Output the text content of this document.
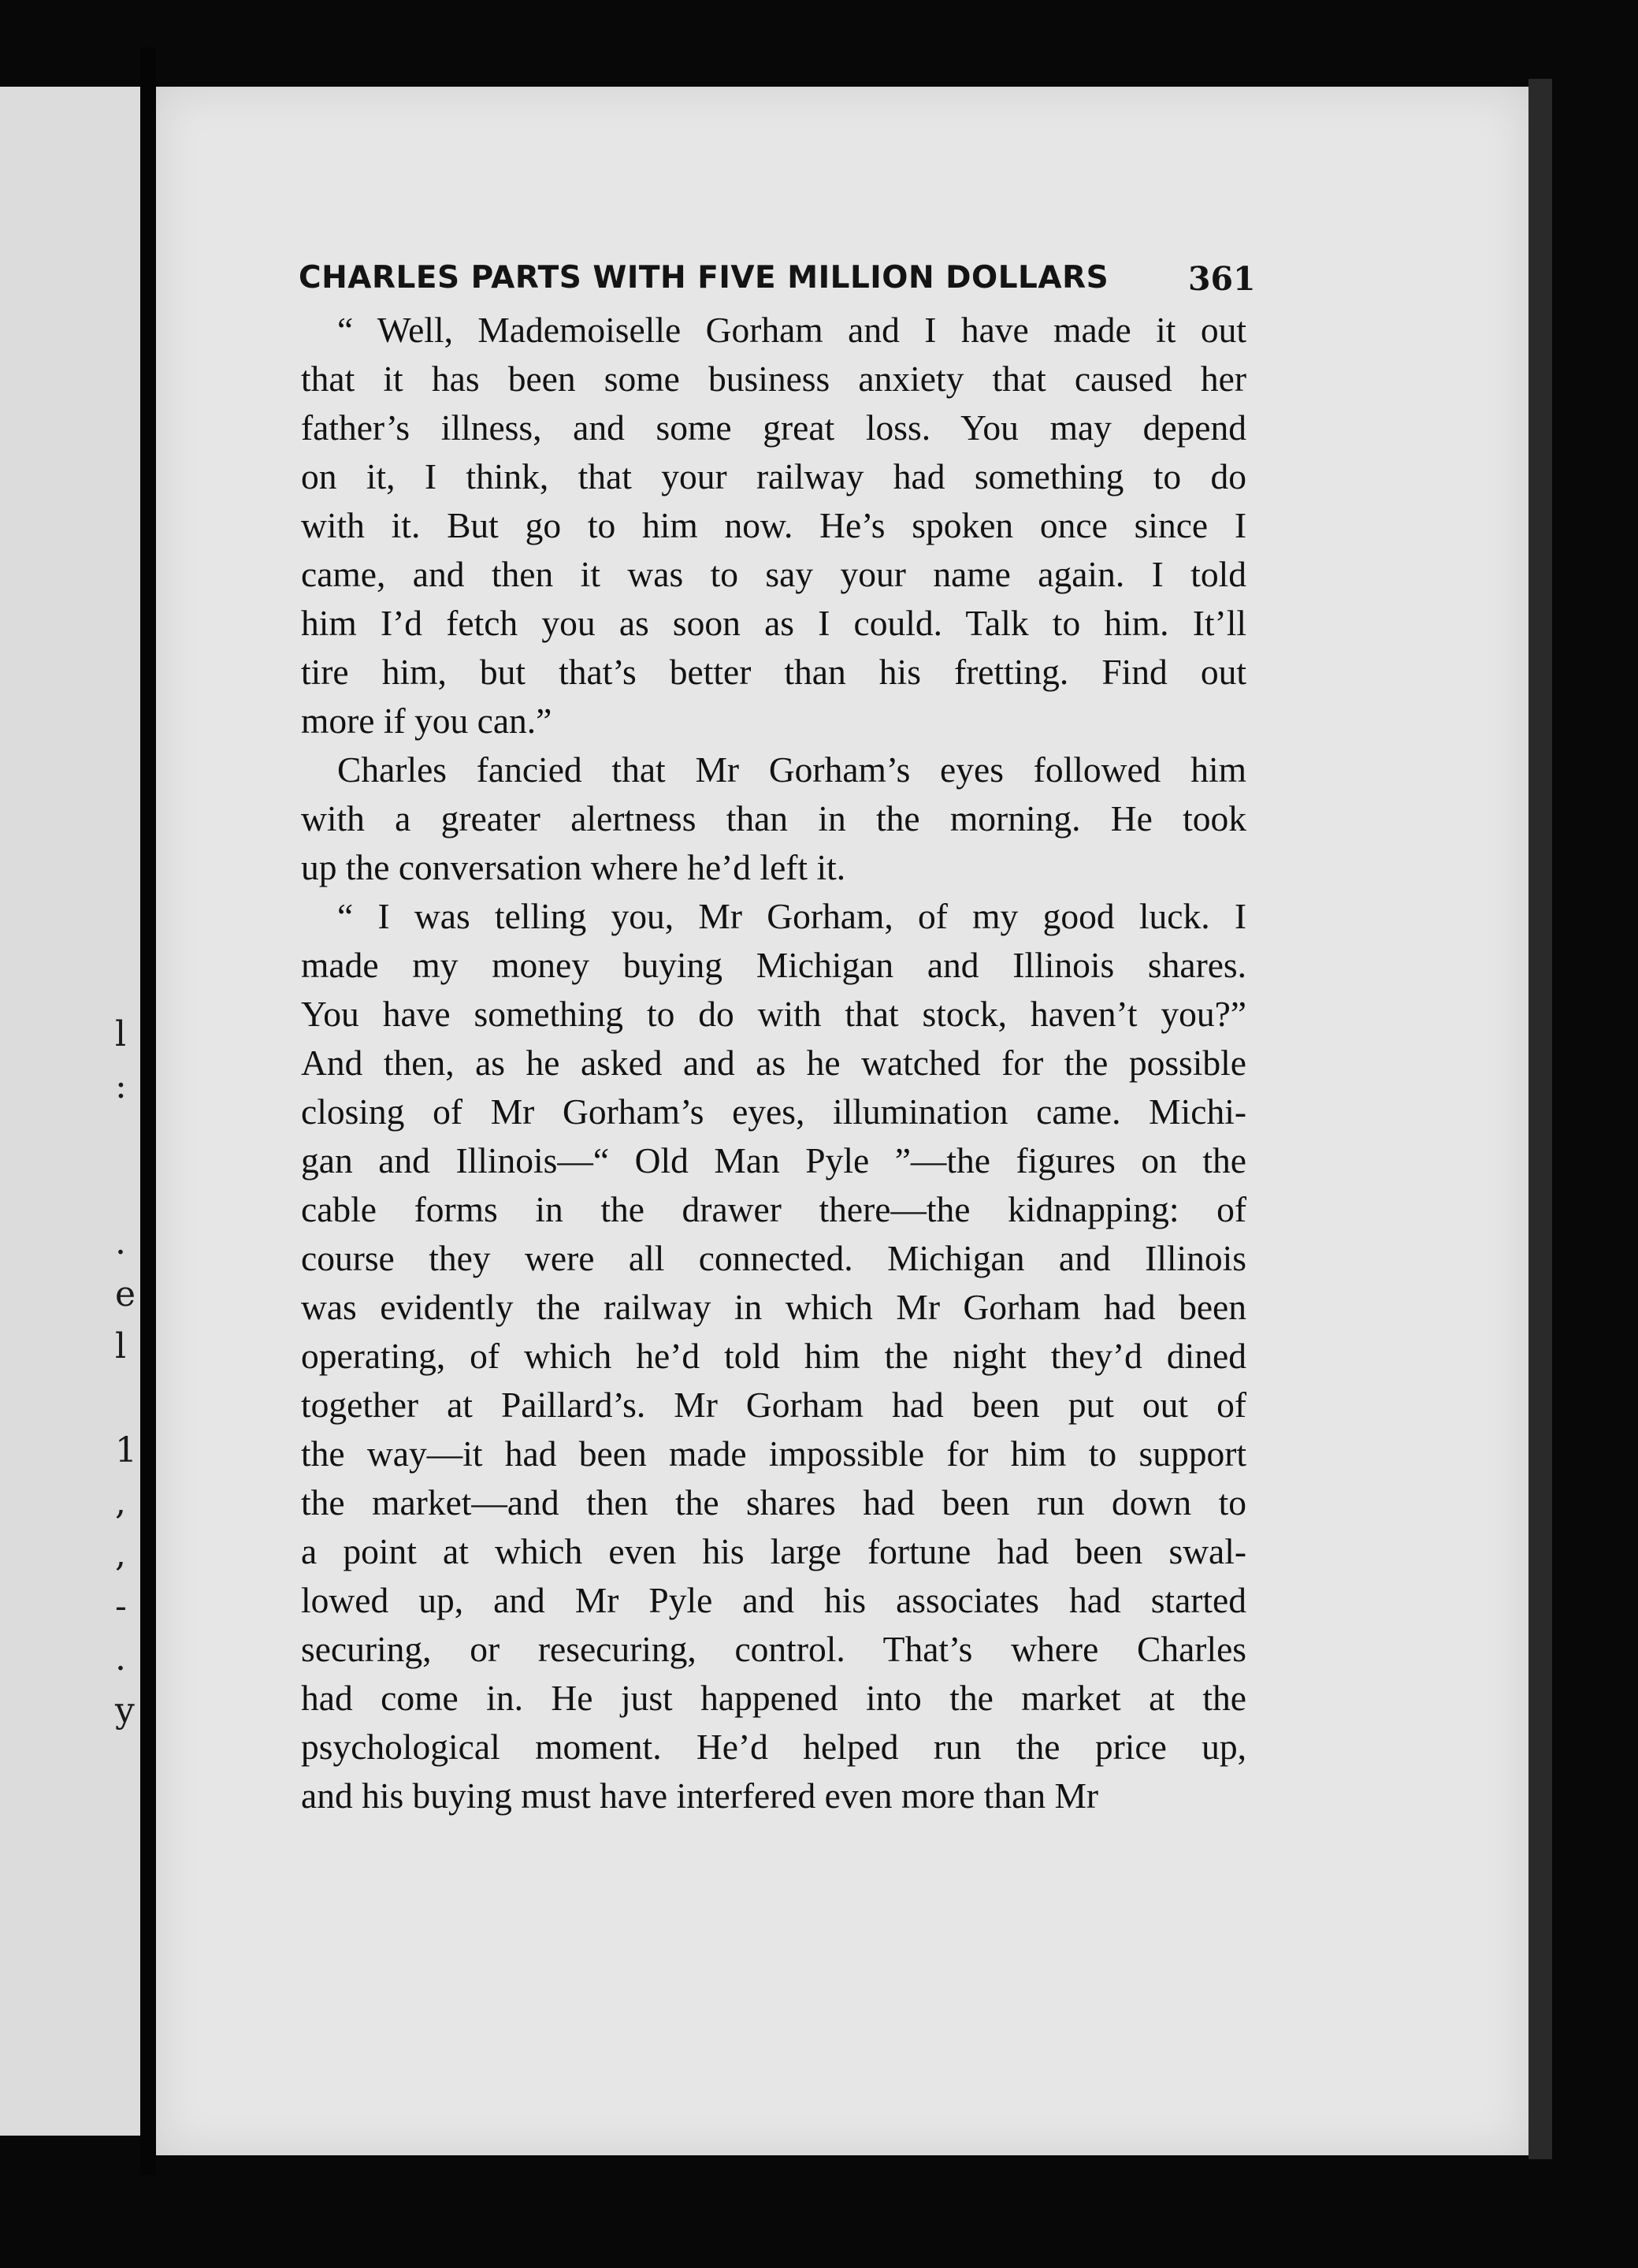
l
:
.
e
l
1
,
,
-
.
y
CHARLES PARTS WITH FIVE MILLION DOLLARS	361
“ Well, Mademoiselle Gorham and I have made it out
that it has been some business anxiety that caused her
father’s illness, and some great loss. You may depend
on it, I think, that your railway had something to do
with it. But go to him now. He’s spoken once since I
came, and then it was to say your name again. I told
him I’d fetch you as soon as I could. Talk to him. It’ll
tire him, but that’s better than his fretting. Find out
more if you can.”
Charles fancied that Mr Gorham’s eyes followed him
with a greater alertness than in the morning. He took
up the conversation where he’d left it.
“ I was telling you, Mr Gorham, of my good luck. I
made my money buying Michigan and Illinois shares.
You have something to do with that stock, haven’t you?”
And then, as he asked and as he watched for the possible
closing of Mr Gorham’s eyes, illumination came. Michi-
gan and Illinois—“ Old Man Pyle ”—the figures on the
cable forms in the drawer there—the kidnapping: of
course they were all connected. Michigan and Illinois
was evidently the railway in which Mr Gorham had been
operating, of which he’d told him the night they’d dined
together at Paillard’s. Mr Gorham had been put out of
the way—it had been made impossible for him to support
the market—and then the shares had been run down to
a point at which even his large fortune had been swal-
lowed up, and Mr Pyle and his associates had started
securing, or resecuring, control. That’s where Charles
had come in. He just happened into the market at the
psychological moment. He’d helped run the price up,
and his buying must have interfered even more than Mr
